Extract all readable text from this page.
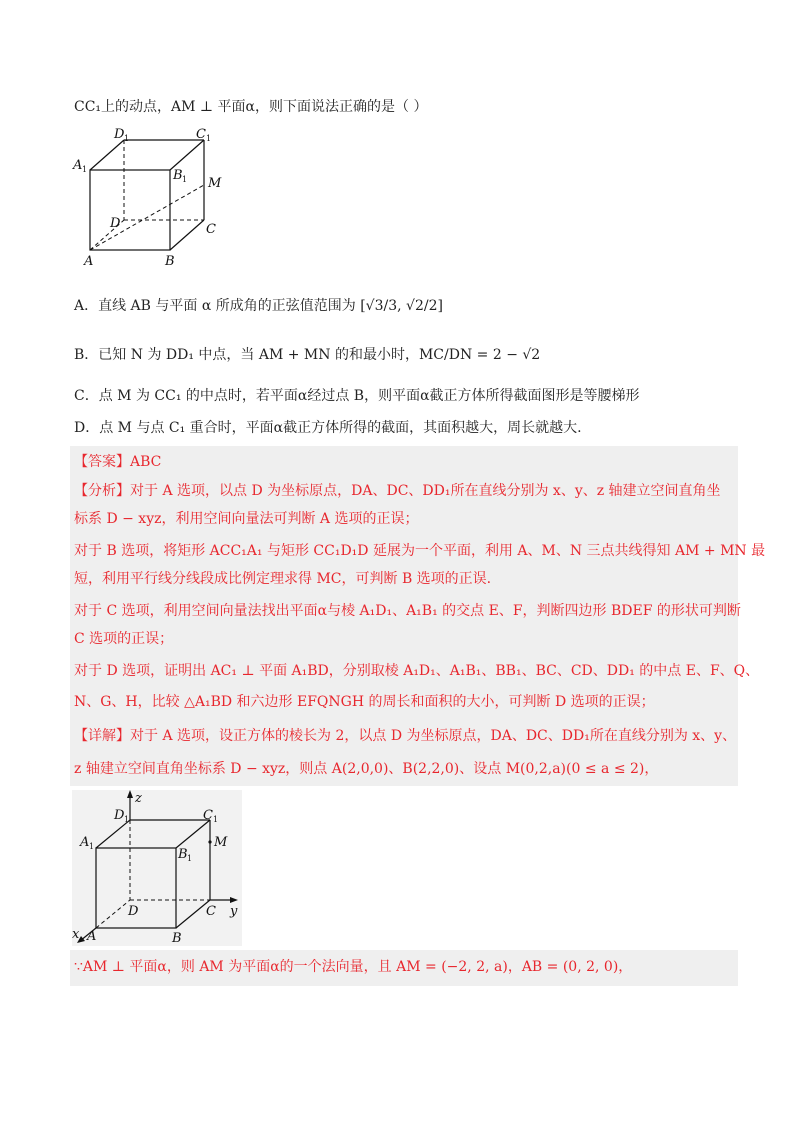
CC₁上的动点，AM ⊥ 平面α，则下面说法正确的是（ ）
D 1	C 1
A 1	B 1 M
D	C
A	B
A．直线 AB 与平面 α 所成角的正弦值范围为 [√3/3, √2/2]
B．已知 N 为 DD₁ 中点，当 AM + MN 的和最小时，MC/DN = 2 − √2
C．点 M 为 CC₁ 的中点时，若平面α经过点 B，则平面α截正方体所得截面图形是等腰梯形
D．点 M 与点 C₁ 重合时，平面α截正方体所得的截面，其面积越大，周长就越大.
【答案】ABC
【分析】对于 A 选项，以点 D 为坐标原点，DA、DC、DD₁所在直线分别为 x、y、z 轴建立空间直角坐
标系 D − xyz，利用空间向量法可判断 A 选项的正误；
对于 B 选项，将矩形 ACC₁A₁ 与矩形 CC₁D₁D 延展为一个平面，利用 A、M、N 三点共线得知 AM + MN 最
短，利用平行线分线段成比例定理求得 MC，可判断 B 选项的正误.
对于 C 选项，利用空间向量法找出平面α与棱 A₁D₁、A₁B₁ 的交点 E、F，判断四边形 BDEF 的形状可判断
C 选项的正误；
对于 D 选项，证明出 AC₁ ⊥ 平面 A₁BD，分别取棱 A₁D₁、A₁B₁、BB₁、BC、CD、DD₁ 的中点 E、F、Q、
N、G、H，比较 △A₁BD 和六边形 EFQNGH 的周长和面积的大小，可判断 D 选项的正误；
【详解】对于 A 选项，设正方体的棱长为 2，以点 D 为坐标原点，DA、DC、DD₁所在直线分别为 x、y、
z 轴建立空间直角坐标系 D − xyz，则点 A(2,0,0)、B(2,2,0)、设点 M(0,2,a)(0 ≤ a ≤ 2)，
z
D 1	C 1
A 1
B 1
M
D	C y
x A	B
∵AM ⊥ 平面α，则 AM 为平面α的一个法向量，且 AM = (−2, 2, a)，AB = (0, 2, 0)，
